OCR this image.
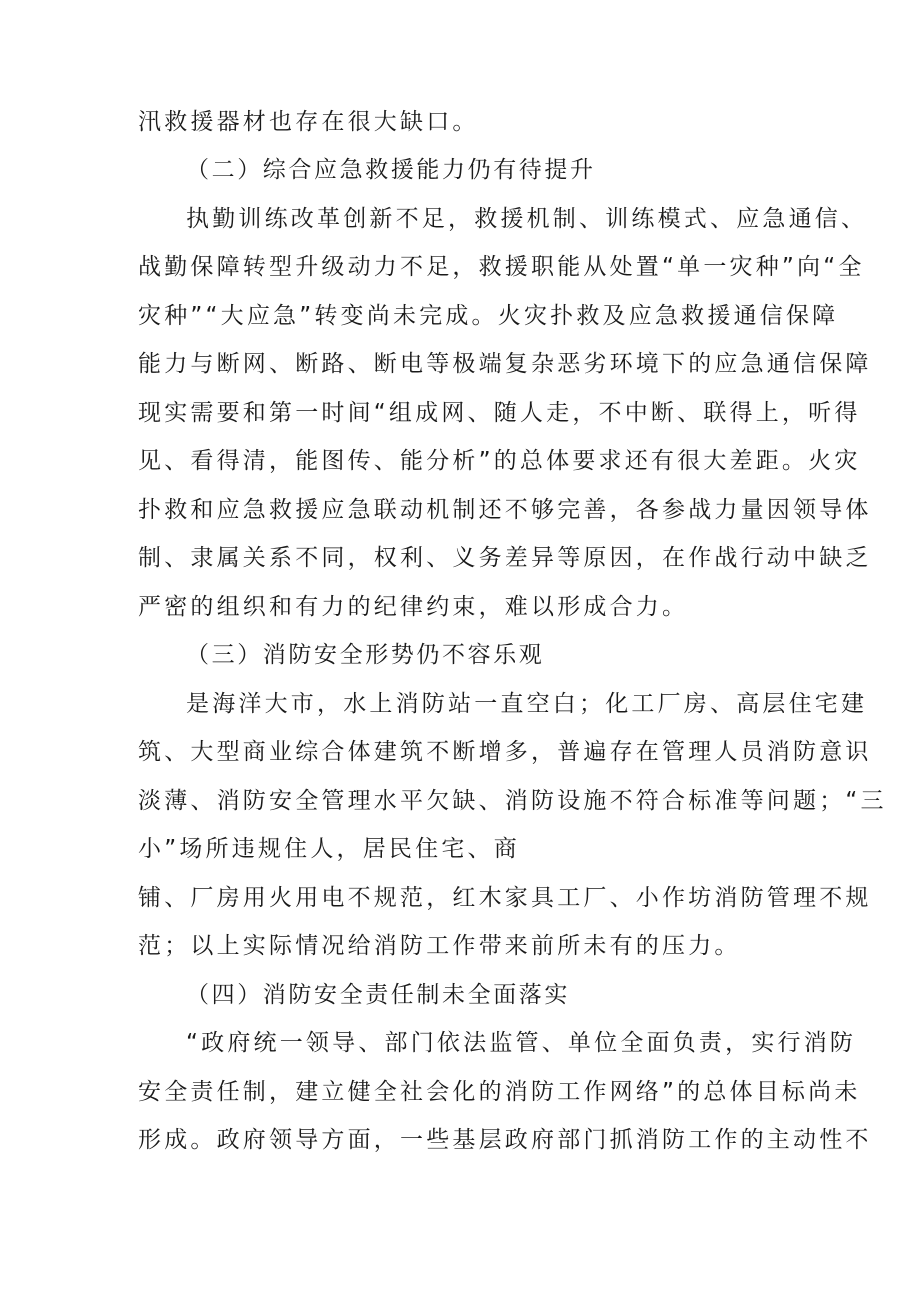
汛救援器材也存在很大缺口。

（二）综合应急救援能力仍有待提升

执勤训练改革创新不足，救援机制、训练模式、应急通信、

战勤保障转型升级动力不足，救援职能从处置“单一灾种”向“全

灾种”“大应急”转变尚未完成。火灾扑救及应急救援通信保障

能力与断网、断路、断电等极端复杂恶劣环境下的应急通信保障

现实需要和第一时间“组成网、随人走，不中断、联得上，听得

见、看得清，能图传、能分析”的总体要求还有很大差距。火灾

扑救和应急救援应急联动机制还不够完善，各参战力量因领导体

制、隶属关系不同，权利、义务差异等原因，在作战行动中缺乏

严密的组织和有力的纪律约束，难以形成合力。

（三）消防安全形势仍不容乐观

是海洋大市，水上消防站一直空白；化工厂房、高层住宅建

筑、大型商业综合体建筑不断增多，普遍存在管理人员消防意识

淡薄、消防安全管理水平欠缺、消防设施不符合标准等问题；“三

小”场所违规住人，居民住宅、商

铺、厂房用火用电不规范，红木家具工厂、小作坊消防管理不规

范；以上实际情况给消防工作带来前所未有的压力。

（四）消防安全责任制未全面落实

“政府统一领导、部门依法监管、单位全面负责，实行消防

安全责任制，建立健全社会化的消防工作网络”的总体目标尚未

形成。政府领导方面，一些基层政府部门抓消防工作的主动性不
